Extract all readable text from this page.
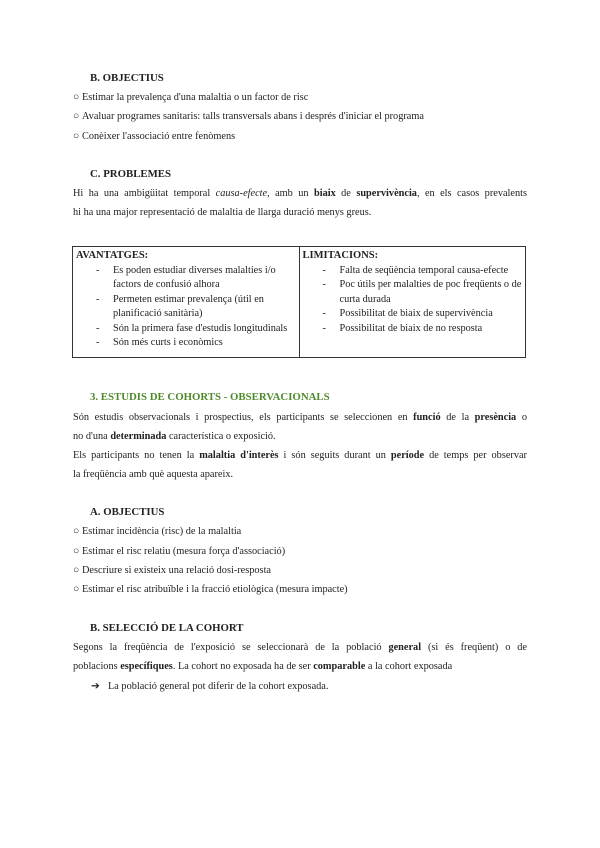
B. OBJECTIUS
○ Estimar la prevalença d'una malaltia o un factor de risc
○ Avaluar programes sanitaris: talls transversals abans i després d'iniciar el programa
○ Conèixer l'associació entre fenòmens
C. PROBLEMES
Hi ha una ambigüitat temporal causa-efecte, amb un biaix de supervivència, en els casos prevalents
hi ha una major representació de malaltia de llarga duració menys greus.
AVANTATGES:
- Es poden estudiar diverses malalties i/o factors de confusió alhora
- Permeten estimar prevalença (útil en planificació sanitària)
- Són la primera fase d'estudis longitudinals
- Són més curts i econòmics

LIMITACIONS:
- Falta de seqüència temporal causa-efecte
- Poc útils per malalties de poc freqüents o de curta durada
- Possibilitat de biaix de supervivència
- Possibilitat de biaix de no resposta
3. ESTUDIS DE COHORTS - OBSERVACIONALS
Són estudis observacionals i prospectius, els participants se seleccionen en funció de la presència o
no d'una determinada característica o exposició.
Els participants no tenen la malaltia d'interès i són seguits durant un període de temps per observar
la freqüència amb què aquesta apareix.
A. OBJECTIUS
○ Estimar incidència (risc) de la malaltia
○ Estimar el risc relatiu (mesura força d'associació)
○ Descriure si existeix una relació dosi-resposta
○ Estimar el risc atribuïble i la fracció etiològica (mesura impacte)
B. SELECCIÓ DE LA COHORT
Segons la freqüència de l'exposició se seleccionarà de la població general (si és freqüent) o de
poblacions específiques. La cohort no exposada ha de ser comparable a la cohort exposada
➔ La població general pot diferir de la cohort exposada.
